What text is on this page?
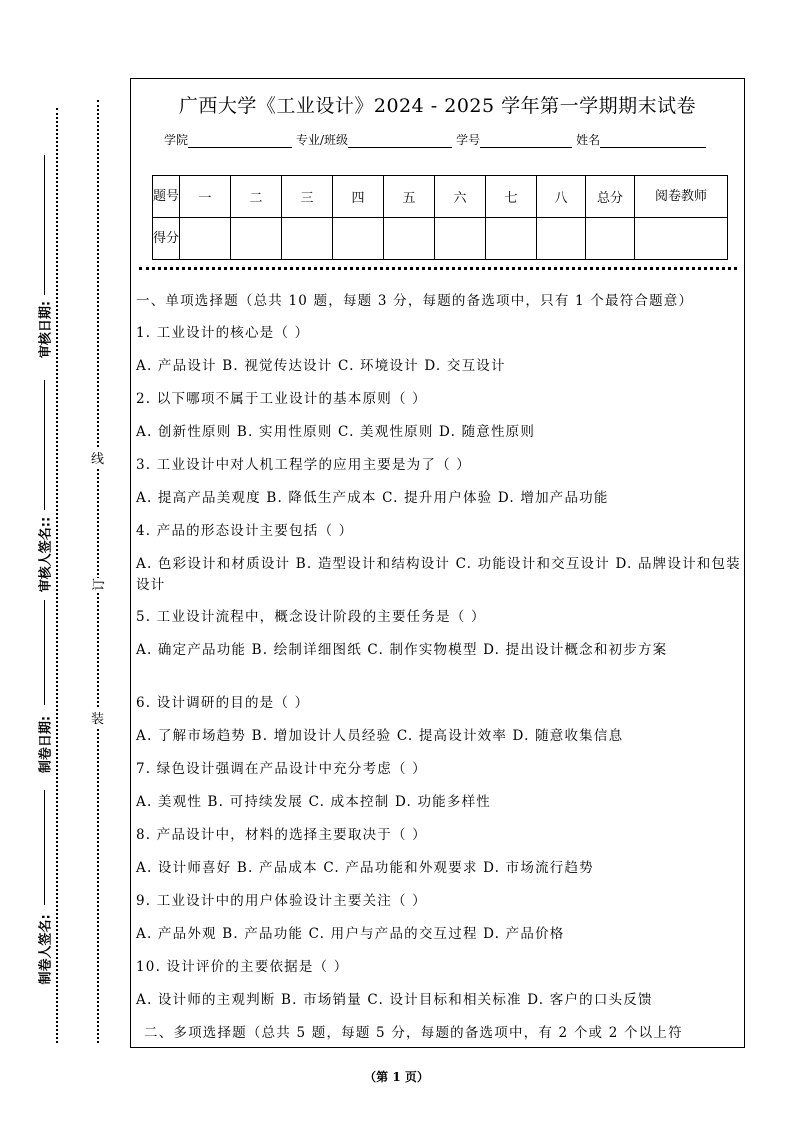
审核日期:
审核人签名::
制卷日期:
制卷人签名:
线
订
装
广西大学《工业设计》2024 - 2025 学年第一学期期末试卷
学院	专业/班级	学号	姓名
题号	一	二	三	四	五	六	七	八	总分	阅卷教师
得分										

一、单项选择题（总共 10 题，每题 3 分，每题的备选项中，只有 1 个最符合题意）

1. 工业设计的核心是（ ）

A. 产品设计 B. 视觉传达设计 C. 环境设计 D. 交互设计

2. 以下哪项不属于工业设计的基本原则（ ）

A. 创新性原则 B. 实用性原则 C. 美观性原则 D. 随意性原则

3. 工业设计中对人机工程学的应用主要是为了（ ）

A. 提高产品美观度 B. 降低生产成本 C. 提升用户体验 D. 增加产品功能

4. 产品的形态设计主要包括（ ）

A. 色彩设计和材质设计 B. 造型设计和结构设计 C. 功能设计和交互设计 D. 品牌设计和包装设计

5. 工业设计流程中，概念设计阶段的主要任务是（ ）

A. 确定产品功能 B. 绘制详细图纸 C. 制作实物模型 D. 提出设计概念和初步方案

6. 设计调研的目的是（ ）

A. 了解市场趋势 B. 增加设计人员经验 C. 提高设计效率 D. 随意收集信息

7. 绿色设计强调在产品设计中充分考虑（ ）

A. 美观性 B. 可持续发展 C. 成本控制 D. 功能多样性

8. 产品设计中，材料的选择主要取决于（ ）

A. 设计师喜好 B. 产品成本 C. 产品功能和外观要求 D. 市场流行趋势

9. 工业设计中的用户体验设计主要关注（ ）

A. 产品外观 B. 产品功能 C. 用户与产品的交互过程 D. 产品价格

10. 设计评价的主要依据是（ ）

A. 设计师的主观判断 B. 市场销量 C. 设计目标和相关标准 D. 客户的口头反馈

二、多项选择题（总共 5 题，每题 5 分，每题的备选项中，有 2 个或 2 个以上符

（第 1 页）
